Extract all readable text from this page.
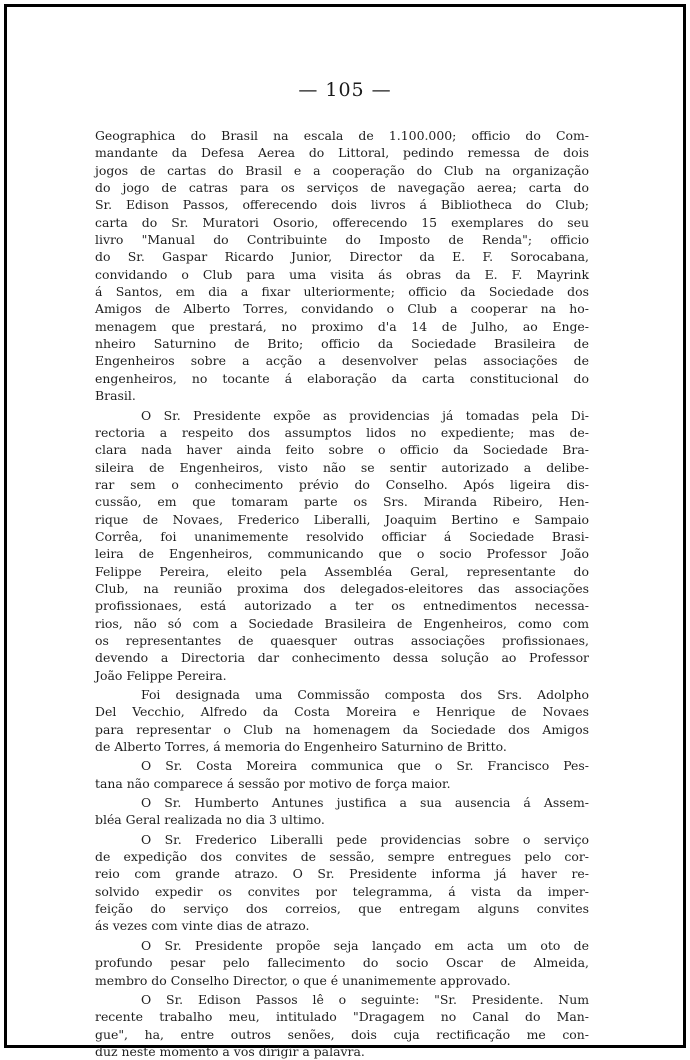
— 105 —
Geographica do Brasil na escala de 1.100.000; officio do Com-
mandante da Defesa Aerea do Littoral, pedindo remessa de dois
jogos de cartas do Brasil e a cooperação do Club na organização
do jogo de catras para os serviços de navegação aerea; carta do
Sr. Edison Passos, offerecendo dois livros á Bibliotheca do Club;
carta do Sr. Muratori Osorio, offerecendo 15 exemplares do seu
livro "Manual do Contribuinte do Imposto de Renda"; officio
do Sr. Gaspar Ricardo Junior, Director da E. F. Sorocabana,
convidando o Club para uma visita ás obras da E. F. Mayrink
á Santos, em dia a fixar ulteriormente; officio da Sociedade dos
Amigos de Alberto Torres, convidando o Club a cooperar na ho-
menagem que prestará, no proximo d'a 14 de Julho, ao Enge-
nheiro Saturnino de Brito; officio da Sociedade Brasileira de
Engenheiros sobre a acção a desenvolver pelas associações de
engenheiros, no tocante á elaboração da carta constitucional do
Brasil.
O Sr. Presidente expõe as providencias já tomadas pela Di-
rectoria a respeito dos assumptos lidos no expediente; mas de-
clara nada haver ainda feito sobre o officio da Sociedade Bra-
sileira de Engenheiros, visto não se sentir autorizado a delibe-
rar sem o conhecimento prévio do Conselho. Após ligeira dis-
cussão, em que tomaram parte os Srs. Miranda Ribeiro, Hen-
rique de Novaes, Frederico Liberalli, Joaquim Bertino e Sampaio
Corrêa, foi unanimemente resolvido officiar á Sociedade Brasi-
leira de Engenheiros, communicando que o socio Professor João
Felippe Pereira, eleito pela Assembléa Geral, representante do
Club, na reunião proxima dos delegados-eleitores das associações
profissionaes, está autorizado a ter os entnedimentos necessa-
rios, não só com a Sociedade Brasileira de Engenheiros, como com
os representantes de quaesquer outras associações profissionaes,
devendo a Directoria dar conhecimento dessa solução ao Professor
João Felippe Pereira.
Foi designada uma Commissão composta dos Srs. Adolpho
Del Vecchio, Alfredo da Costa Moreira e Henrique de Novaes
para representar o Club na homenagem da Sociedade dos Amigos
de Alberto Torres, á memoria do Engenheiro Saturnino de Britto.
O Sr. Costa Moreira communica que o Sr. Francisco Pes-
tana não comparece á sessão por motivo de força maior.
O Sr. Humberto Antunes justifica a sua ausencia á Assem-
bléa Geral realizada no dia 3 ultimo.
O Sr. Frederico Liberalli pede providencias sobre o serviço
de expedição dos convites de sessão, sempre entregues pelo cor-
reio com grande atrazo. O Sr. Presidente informa já haver re-
solvido expedir os convites por telegramma, á vista da imper-
feição do serviço dos correios, que entregam alguns convites
ás vezes com vinte dias de atrazo.
O Sr. Presidente propõe seja lançado em acta um oto de
profundo pesar pelo fallecimento do socio Oscar de Almeida,
membro do Conselho Director, o que é unanimemente approvado.
O Sr. Edison Passos lê o seguinte: "Sr. Presidente. Num
recente trabalho meu, intitulado "Dragagem no Canal do Man-
gue", ha, entre outros senões, dois cuja rectificação me con-
duz neste momento a vos dirigir a palavra.
